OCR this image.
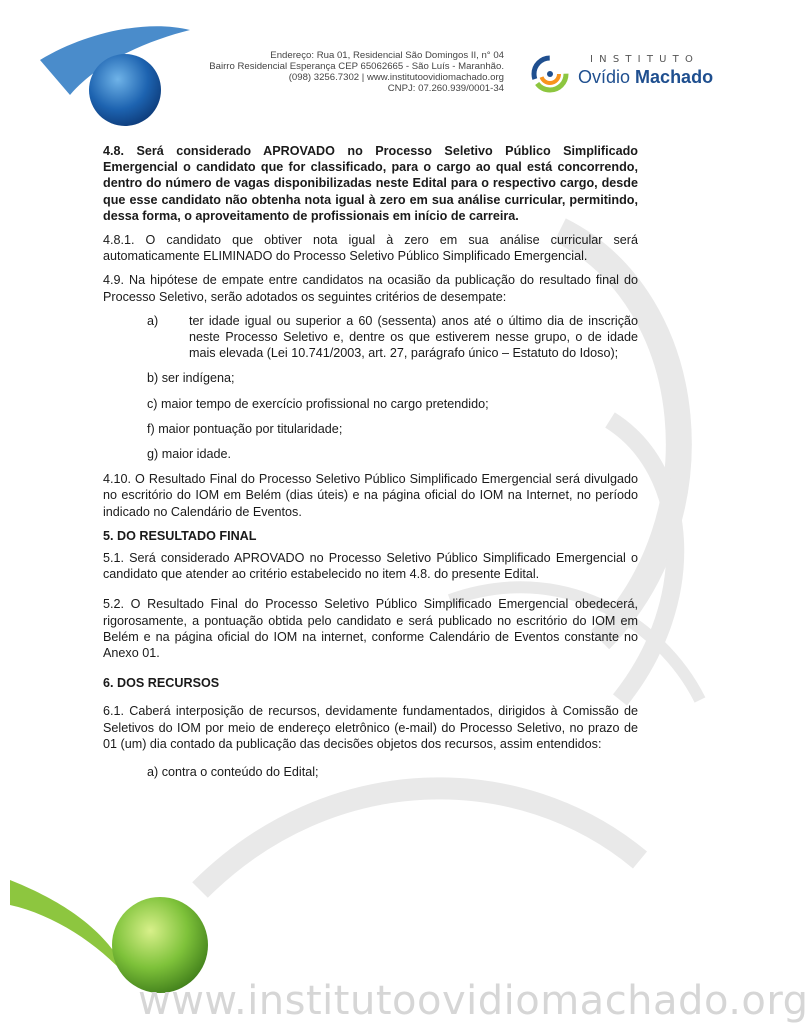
Endereço: Rua 01, Residencial São Domingos II, n° 04
Bairro Residencial Esperança CEP 65062665 - São Luís - Maranhão.
(098) 3256.7302 | www.institutoovidiomachado.org
CNPJ: 07.260.939/0001-34
INSTITUTO
Ovídio Machado

4.8. Será considerado APROVADO no Processo Seletivo Público Simplificado Emergencial o candidato que for classificado, para o cargo ao qual está concorrendo, dentro do número de vagas disponibilizadas neste Edital para o respectivo cargo, desde que esse candidato não obtenha nota igual à zero em sua análise curricular, permitindo, dessa forma, o aproveitamento de profissionais em início de carreira.

4.8.1. O candidato que obtiver nota igual à zero em sua análise curricular será automaticamente ELIMINADO do Processo Seletivo Público Simplificado Emergencial.

4.9. Na hipótese de empate entre candidatos na ocasião da publicação do resultado final do Processo Seletivo, serão adotados os seguintes critérios de desempate:

a)	ter idade igual ou superior a 60 (sessenta) anos até o último dia de inscrição neste Processo Seletivo e, dentre os que estiverem nesse grupo, o de idade mais elevada (Lei 10.741/2003, art. 27, parágrafo único – Estatuto do Idoso);

b) ser indígena;

c) maior tempo de exercício profissional no cargo pretendido;

f) maior pontuação por titularidade;

g) maior idade.

4.10. O Resultado Final do Processo Seletivo Público Simplificado Emergencial será divulgado no escritório do IOM em Belém (dias úteis) e na página oficial do IOM na Internet, no período indicado no Calendário de Eventos.

5. DO RESULTADO FINAL

5.1. Será considerado APROVADO no Processo Seletivo Público Simplificado Emergencial o candidato que atender ao critério estabelecido no item 4.8. do presente Edital.

5.2. O Resultado Final do Processo Seletivo Público Simplificado Emergencial obedecerá, rigorosamente, a pontuação obtida pelo candidato e será publicado no escritório do IOM em Belém e na página oficial do IOM na internet, conforme Calendário de Eventos constante no Anexo 01.

6. DOS RECURSOS

6.1. Caberá interposição de recursos, devidamente fundamentados, dirigidos à Comissão de Seletivos do IOM por meio de endereço eletrônico (e-mail) do Processo Seletivo, no prazo de 01 (um) dia contado da publicação das decisões objetos dos recursos, assim entendidos:

a) contra o conteúdo do Edital;

www.institutoovidiomachado.org
